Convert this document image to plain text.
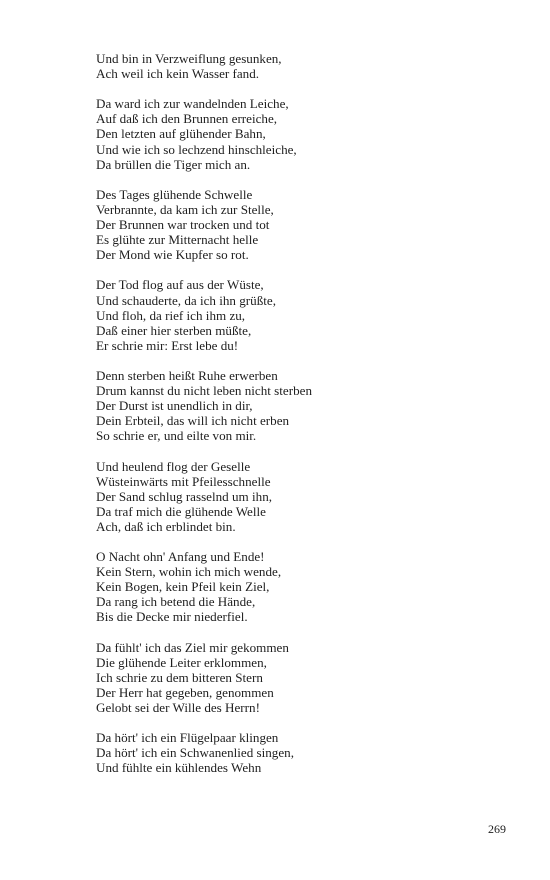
Und bin in Verzweiflung gesunken,
Ach weil ich kein Wasser fand.
Da ward ich zur wandelnden Leiche,
Auf daß ich den Brunnen erreiche,
Den letzten auf glühender Bahn,
Und wie ich so lechzend hinschleiche,
Da brüllen die Tiger mich an.
Des Tages glühende Schwelle
Verbrannte, da kam ich zur Stelle,
Der Brunnen war trocken und tot
Es glühte zur Mitternacht helle
Der Mond wie Kupfer so rot.
Der Tod flog auf aus der Wüste,
Und schauderte, da ich ihn grüßte,
Und floh, da rief ich ihm zu,
Daß einer hier sterben müßte,
Er schrie mir: Erst lebe du!
Denn sterben heißt Ruhe erwerben
Drum kannst du nicht leben nicht sterben
Der Durst ist unendlich in dir,
Dein Erbteil, das will ich nicht erben
So schrie er, und eilte von mir.
Und heulend flog der Geselle
Wüsteinwärts mit Pfeilesschnelle
Der Sand schlug rasselnd um ihn,
Da traf mich die glühende Welle
Ach, daß ich erblindet bin.
O Nacht ohn' Anfang und Ende!
Kein Stern, wohin ich mich wende,
Kein Bogen, kein Pfeil kein Ziel,
Da rang ich betend die Hände,
Bis die Decke mir niederfiel.
Da fühlt' ich das Ziel mir gekommen
Die glühende Leiter erklommen,
Ich schrie zu dem bitteren Stern
Der Herr hat gegeben, genommen
Gelobt sei der Wille des Herrn!
Da hört' ich ein Flügelpaar klingen
Da hört' ich ein Schwanenlied singen,
Und fühlte ein kühlendes Wehn
269
